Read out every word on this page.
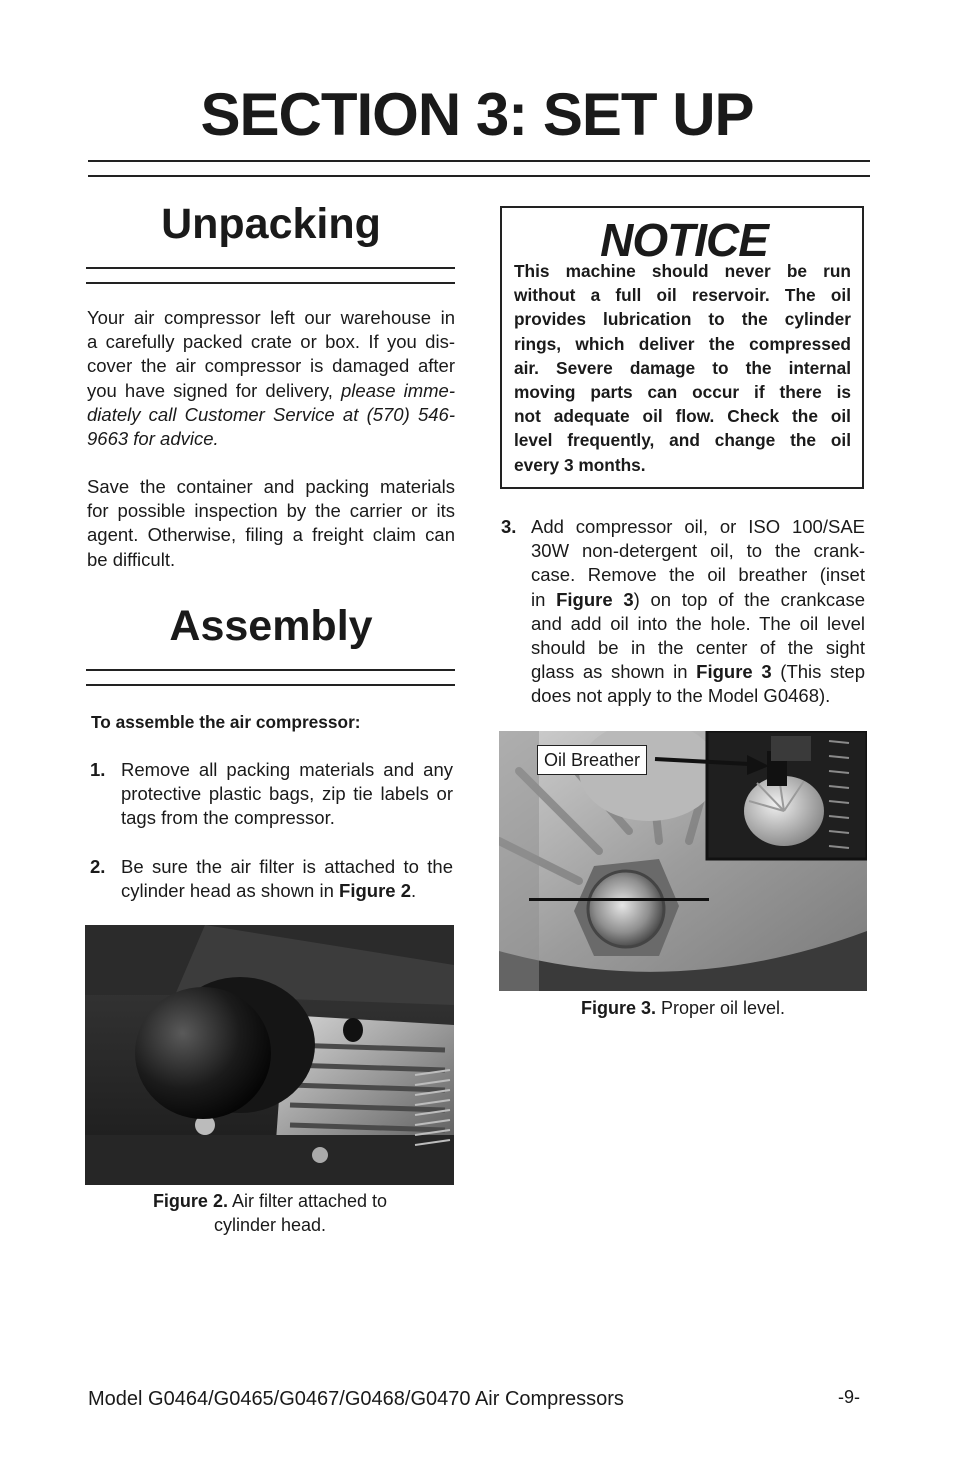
SECTION 3: SET UP
Unpacking
Your air compressor left our warehouse in
a carefully packed crate or box. If you dis-
cover the air compressor is damaged after
you have signed for delivery, please imme-
diately call Customer Service at (570) 546-
9663 for advice.
Save the container and packing materials
for possible inspection by the carrier or its
agent. Otherwise, filing a freight claim can
be difficult.
Assembly
To assemble the air compressor:
1. Remove all packing materials and any
protective plastic bags, zip tie labels or
tags from the compressor.
2. Be sure the air filter is attached to the
cylinder head as shown in Figure 2.
Figure 2. Air filter attached to
cylinder head.
NOTICE
This machine should never be run
without a full oil reservoir. The oil
provides lubrication to the cylinder
rings, which deliver the compressed
air. Severe damage to the internal
moving parts can occur if there is
not adequate oil flow. Check the oil
level frequently, and change the oil
every 3 months.
3. Add compressor oil, or ISO 100/SAE
30W non-detergent oil, to the crank-
case. Remove the oil breather (inset
in Figure 3) on top of the crankcase
and add oil into the hole. The oil level
should be in the center of the sight
glass as shown in Figure 3 (This step
does not apply to the Model G0468).
Oil Breather
Figure 3. Proper oil level.
Model G0464/G0465/G0467/G0468/G0470 Air Compressors	-9-
